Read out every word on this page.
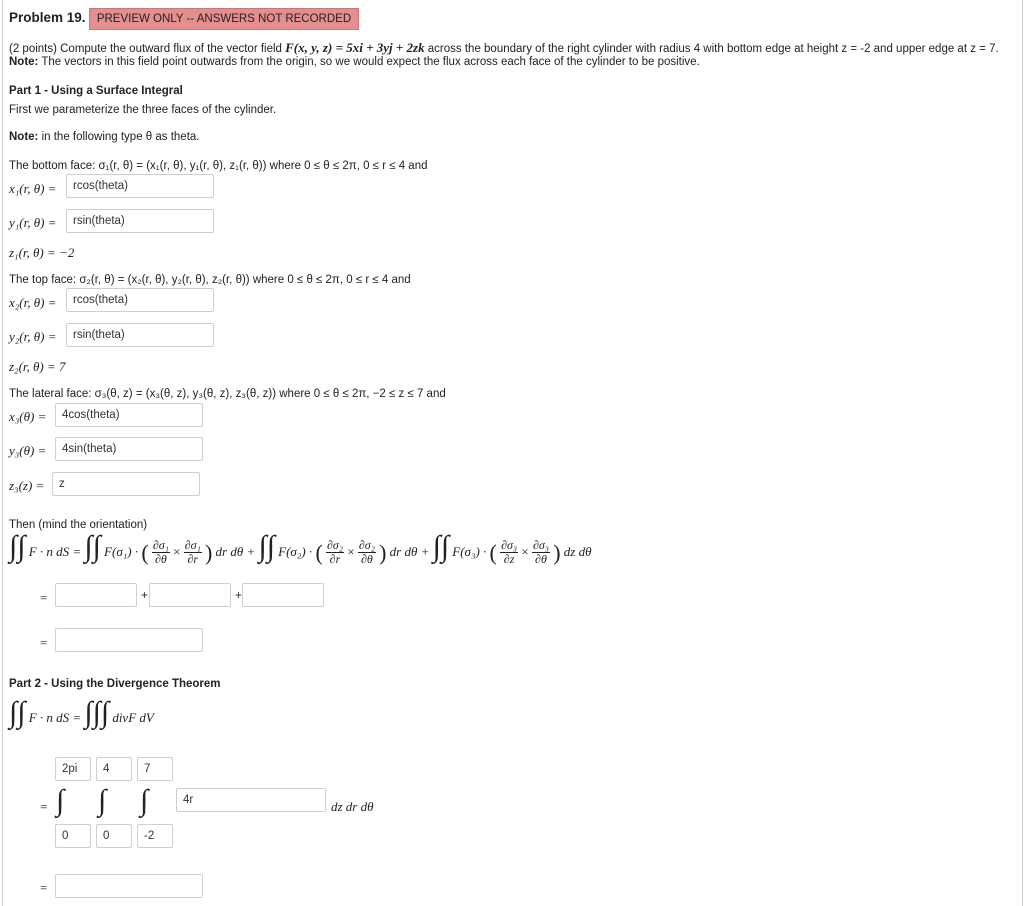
Problem 19. PREVIEW ONLY -- ANSWERS NOT RECORDED
(2 points) Compute the outward flux of the vector field F(x, y, z) = 5xi + 3yj + 2zk across the boundary of the right cylinder with radius 4 with bottom edge at height z = -2 and upper edge at z = 7.
Note: The vectors in this field point outwards from the origin, so we would expect the flux across each face of the cylinder to be positive.
Part 1 - Using a Surface Integral
First we parameterize the three faces of the cylinder.
Note: in the following type θ as theta.
The bottom face: σ₁(r, θ) = (x₁(r, θ), y₁(r, θ), z₁(r, θ)) where 0 ≤ θ ≤ 2π, 0 ≤ r ≤ 4 and
x₁(r, θ) =	rcos(theta)
y₁(r, θ) =	rsin(theta)
z₁(r, θ) = −2
The top face: σ₂(r, θ) = (x₂(r, θ), y₂(r, θ), z₂(r, θ)) where 0 ≤ θ ≤ 2π, 0 ≤ r ≤ 4 and
x₂(r, θ) =	rcos(theta)
y₂(r, θ) =	rsin(theta)
z₂(r, θ) = 7
The lateral face: σ₃(θ, z) = (x₃(θ, z), y₃(θ, z), z₃(θ, z)) where 0 ≤ θ ≤ 2π, −2 ≤ z ≤ 7 and
x₃(θ) =	4cos(theta)
y₃(θ) =	4sin(theta)
z₃(z) =	z
Then (mind the orientation)
∫∫ F · n dS = ∫∫ F(σ₁) · ( $\frac{\text{∂σ₁}}{\partial\theta} \times \frac{\text{∂σ₁}}{\partial r}$ ) dr dθ + ∫∫ F(σ₂) · ( $\frac{\text{∂σ₂}}{\partial r} \times \frac{\text{∂σ₂}}{\partial\theta}$ ) dr dθ + ∫∫ F(σ₃) · ( $\frac{\text{∂σ₃}}{\partial z} \times \frac{\text{∂σ₃}}{\partial\theta}$ ) dz dθ
=	+	+
=
Part 2 - Using the Divergence Theorem
∫∫ F · n dS = ∫∫∫ divF dV
2pi	4	7
= ∫ ∫ ∫	4r	dz dr dθ
0	0	-2
=
